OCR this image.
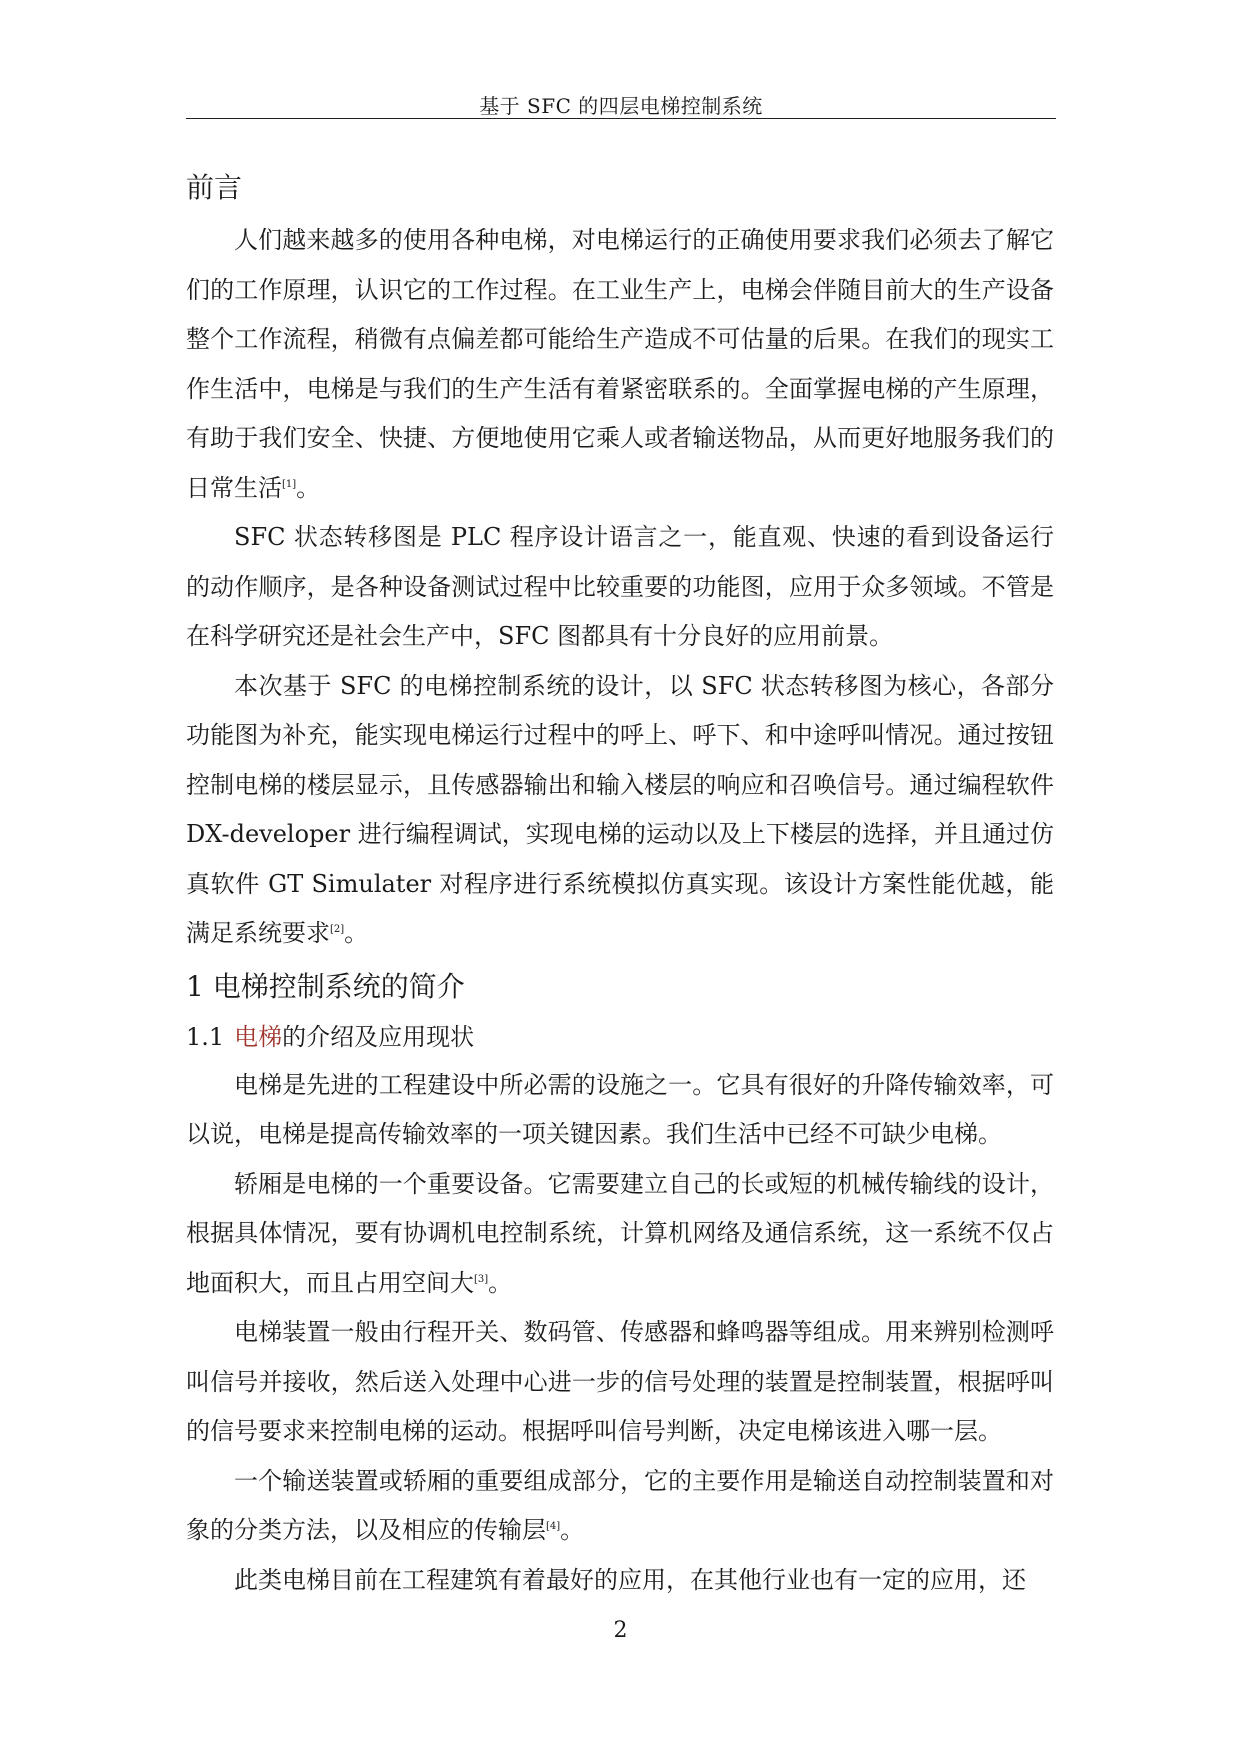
基于 SFC 的四层电梯控制系统
前言

人们越来越多的使用各种电梯，对电梯运行的正确使用要求我们必须去了解它们的工作原理，认识它的工作过程。在工业生产上，电梯会伴随目前大的生产设备整个工作流程，稍微有点偏差都可能给生产造成不可估量的后果。在我们的现实工作生活中，电梯是与我们的生产生活有着紧密联系的。全面掌握电梯的产生原理，有助于我们安全、快捷、方便地使用它乘人或者输送物品，从而更好地服务我们的日常生活[1]。

SFC 状态转移图是 PLC 程序设计语言之一，能直观、快速的看到设备运行的动作顺序，是各种设备测试过程中比较重要的功能图，应用于众多领域。不管是在科学研究还是社会生产中，SFC 图都具有十分良好的应用前景。

本次基于 SFC 的电梯控制系统的设计，以 SFC 状态转移图为核心，各部分功能图为补充，能实现电梯运行过程中的呼上、呼下、和中途呼叫情况。通过按钮控制电梯的楼层显示，且传感器输出和输入楼层的响应和召唤信号。通过编程软件 DX-developer 进行编程调试，实现电梯的运动以及上下楼层的选择，并且通过仿真软件 GT Simulater 对程序进行系统模拟仿真实现。该设计方案性能优越，能满足系统要求[2]。

1 电梯控制系统的简介
1.1 电梯的介绍及应用现状

电梯是先进的工程建设中所必需的设施之一。它具有很好的升降传输效率，可以说，电梯是提高传输效率的一项关键因素。我们生活中已经不可缺少电梯。

轿厢是电梯的一个重要设备。它需要建立自己的长或短的机械传输线的设计，根据具体情况，要有协调机电控制系统，计算机网络及通信系统，这一系统不仅占地面积大，而且占用空间大[3]。

电梯装置一般由行程开关、数码管、传感器和蜂鸣器等组成。用来辨别检测呼叫信号并接收，然后送入处理中心进一步的信号处理的装置是控制装置，根据呼叫的信号要求来控制电梯的运动。根据呼叫信号判断，决定电梯该进入哪一层。

一个输送装置或轿厢的重要组成部分，它的主要作用是输送自动控制装置和对象的分类方法，以及相应的传输层[4]。

此类电梯目前在工程建筑有着最好的应用，在其他行业也有一定的应用，还

2
